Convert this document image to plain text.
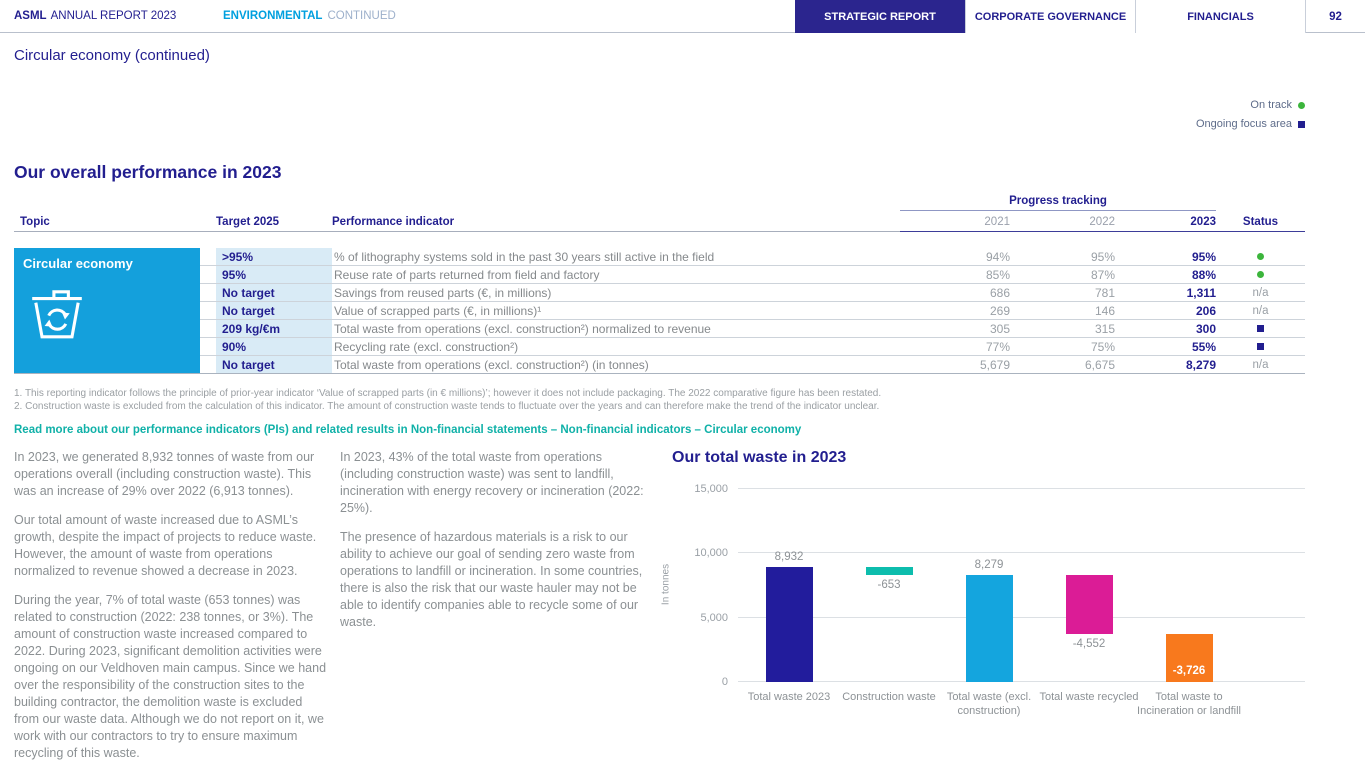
ASML ANNUAL REPORT 2023	ENVIRONMENTAL CONTINUED	STRATEGIC REPORT	CORPORATE GOVERNANCE	FINANCIALS	92
Circular economy (continued)
On track
Ongoing focus area
Our overall performance in 2023
Progress tracking
Topic	Target 2025	Performance indicator	2021	2022	2023	Status
Circular economy	>95%	% of lithography systems sold in the past 30 years still active in the field	94%	95%	95%
95%	Reuse rate of parts returned from field and factory	85%	87%	88%
No target	Savings from reused parts (€, in millions)	686	781	1,311	n/a
No target	Value of scrapped parts (€, in millions)¹	269	146	206	n/a
209 kg/€m	Total waste from operations (excl. construction²) normalized to revenue	305	315	300
90%	Recycling rate (excl. construction²)	77%	75%	55%
No target	Total waste from operations (excl. construction²) (in tonnes)	5,679	6,675	8,279	n/a
1. This reporting indicator follows the principle of prior-year indicator ‘Value of scrapped parts (in € millions)’; however it does not include packaging. The 2022 comparative figure has been restated.
2. Construction waste is excluded from the calculation of this indicator. The amount of construction waste tends to fluctuate over the years and can therefore make the trend of the indicator unclear.
Read more about our performance indicators (PIs) and related results in Non-financial statements – Non-financial indicators – Circular economy
In 2023, we generated 8,932 tonnes of waste from our operations overall (including construction waste). This was an increase of 29% over 2022 (6,913 tonnes).
Our total amount of waste increased due to ASML’s growth, despite the impact of projects to reduce waste. However, the amount of waste from operations normalized to revenue showed a decrease in 2023.
During the year, 7% of total waste (653 tonnes) was related to construction (2022: 238 tonnes, or 3%). The amount of construction waste increased compared to 2022. During 2023, significant demolition activities were ongoing on our Veldhoven main campus. Since we hand over the responsibility of the construction sites to the building contractor, the demolition waste is excluded from our waste data. Although we do not report on it, we work with our contractors to try to ensure maximum recycling of this waste.
In 2023, 43% of the total waste from operations (including construction waste) was sent to landfill, incineration with energy recovery or incineration (2022: 25%).
The presence of hazardous materials is a risk to our ability to achieve our goal of sending zero waste from operations to landfill or incineration. In some countries, there is also the risk that our waste hauler may not be able to identify companies able to recycle some of our waste.
Our total waste in 2023
In tonnes
0
5,000
10,000
15,000
8,932
Total waste 2023
-653
Construction waste
8,279
Total waste (excl. construction)
-4,552
Total waste recycled
-3,726
Total waste to Incineration or landfill
